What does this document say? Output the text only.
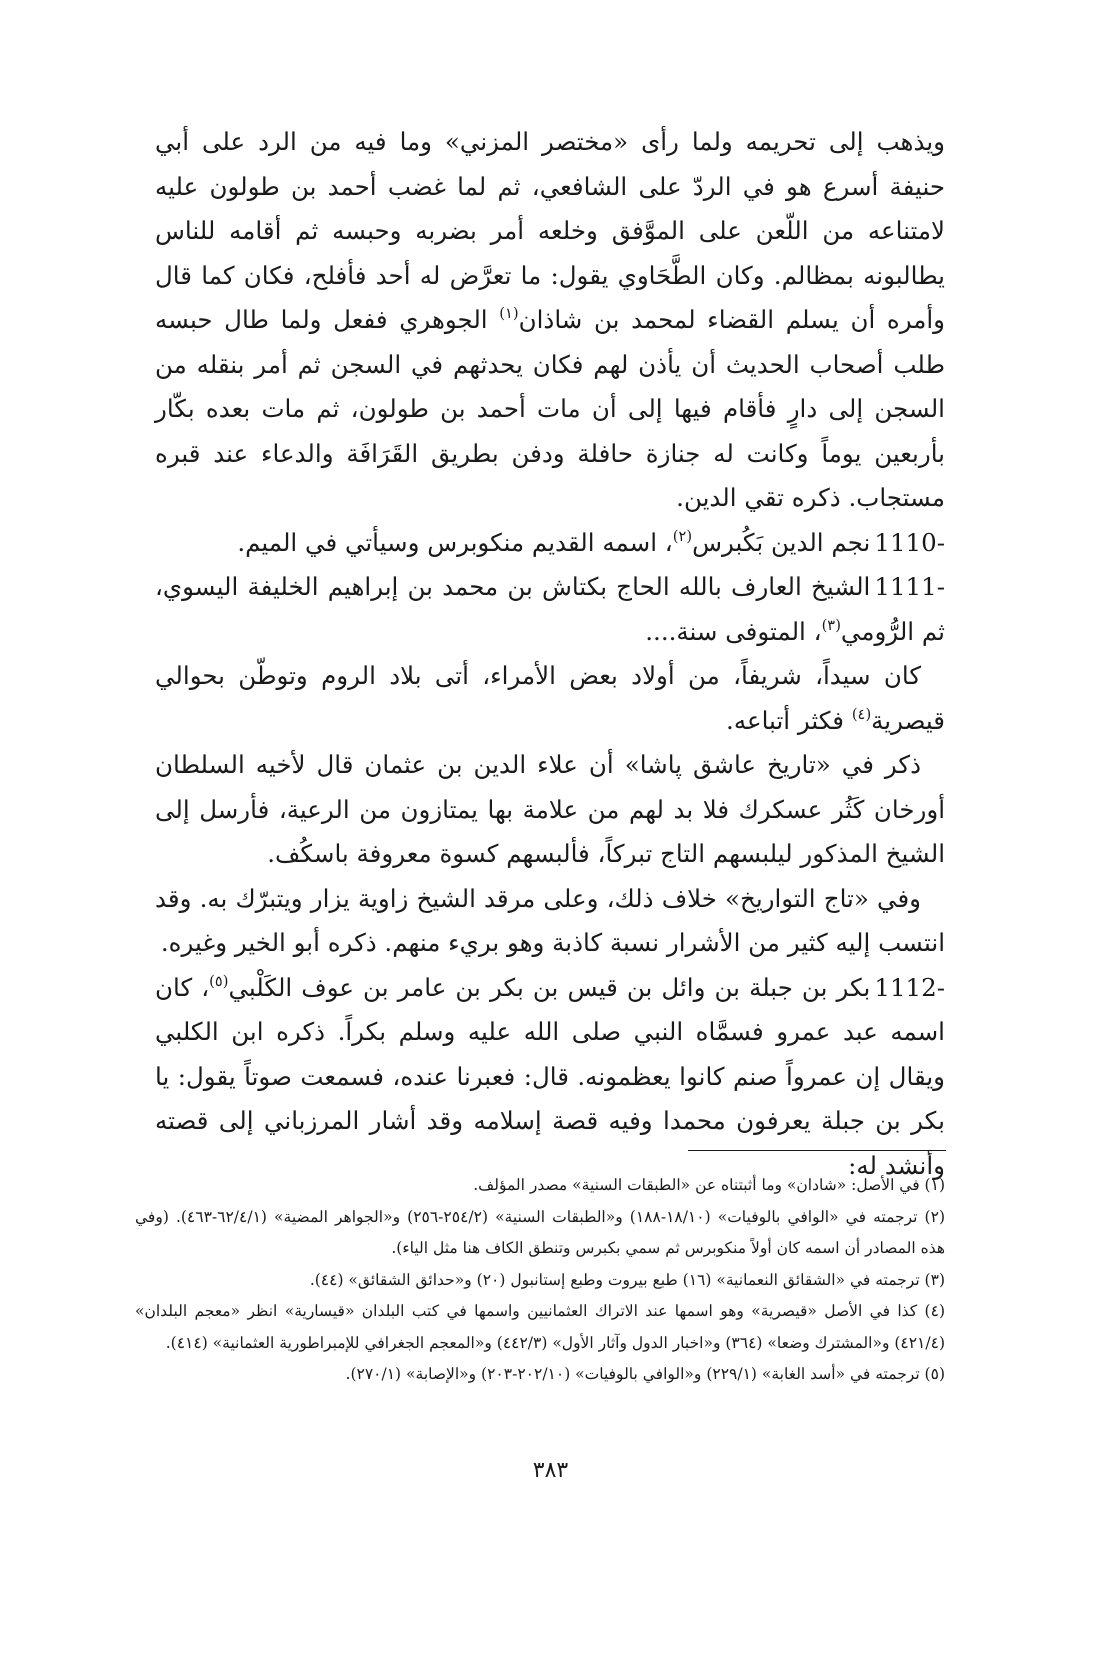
ويذهب إلى تحريمه ولما رأى «مختصر المزني» وما فيه من الرد على أبي حنيفة أسرع هو في الردّ على الشافعي، ثم لما غضب أحمد بن طولون عليه لامتناعه من اللّعن على الموَّفق وخلعه أمر بضربه وحبسه ثم أقامه للناس يطالبونه بمظالم. وكان الطَّحَاوي يقول: ما تعرَّض له أحد فأفلح، فكان كما قال وأمره أن يسلم القضاء لمحمد بن شاذان$^{(١)}$ الجوهري ففعل ولما طال حبسه طلب أصحاب الحديث أن يأذن لهم فكان يحدثهم في السجن ثم أمر بنقله من السجن إلى دارٍ فأقام فيها إلى أن مات أحمد بن طولون، ثم مات بعده بكّار بأربعين يوماً وكانت له جنازة حافلة ودفن بطريق القَرَافَة والدعاء عند قبره مستجاب. ذكره تقي الدين.

1110-نجم الدين بَكُبرس$^{(٢)}$، اسمه القديم منكوبرس وسيأتي في الميم.

1111-الشيخ العارف بالله الحاج بكتاش بن محمد بن إبراهيم الخليفة اليسوي، ثم الرُّومي$^{(٣)}$، المتوفى سنة....

كان سيداً، شريفاً، من أولاد بعض الأمراء، أتى بلاد الروم وتوطّن بحوالي قيصرية$^{(٤)}$ فكثر أتباعه.

ذكر في «تاريخ عاشق پاشا» أن علاء الدين بن عثمان قال لأخيه السلطان أورخان كَثُر عسكرك فلا بد لهم من علامة بها يمتازون من الرعية، فأرسل إلى الشيخ المذكور ليلبسهم التاج تبركاً، فألبسهم كسوة معروفة باسكُف.

وفي «تاج التواريخ» خلاف ذلك، وعلى مرقد الشيخ زاوية يزار ويتبرّك به. وقد انتسب إليه كثير من الأشرار نسبة كاذبة وهو بريء منهم. ذكره أبو الخير وغيره.

1112-بكر بن جبلة بن وائل بن قيس بن بكر بن عامر بن عوف الكَلْبي$^{(٥)}$، كان اسمه عبد عمرو فسمَّاه النبي صلى الله عليه وسلم بكراً. ذكره ابن الكلبي ويقال إن عمرواً صنم كانوا يعظمونه. قال: فعبرنا عنده، فسمعت صوتاً يقول: يا بكر بن جبلة يعرفون محمدا وفيه قصة إسلامه وقد أشار المرزباني إلى قصته وأنشد له:

(١) في الأصل: «شادان» وما أثبتناه عن «الطبقات السنية» مصدر المؤلف.

(٢) ترجمته في «الوافي بالوفيات» (١٨/١٠-١٨٨) و«الطبقات السنية» (٢٥٤/٢-٢٥٦) و«الجواهر المضية» (٦٢/٤/١-٤٦٣). (وفي هذه المصادر أن اسمه كان أولاً منكوبرس ثم سمي بكبرس وتنطق الكاف هنا مثل الياء).

(٣) ترجمته في «الشقائق النعمانية» (١٦) طبع بيروت وطبع إستانبول (٢٠) و«حدائق الشقائق» (٤٤).

(٤) كذا في الأصل «قيصرية» وهو اسمها عند الاتراك العثمانيين واسمها في كتب البلدان «قيسارية» انظر «معجم البلدان» (٤٢١/٤) و«المشترك وضعا» (٣٦٤) و«اخبار الدول وآثار الأول» (٤٤٢/٣) و«المعجم الجغرافي للإمبراطورية العثمانية» (٤١٤).

(٥) ترجمته في «أسد الغابة» (٢٢٩/١) و«الوافي بالوفيات» (٢٠٢/١٠-٢٠٣) و«الإصابة» (٢٧٠/١).

٣٨٣
